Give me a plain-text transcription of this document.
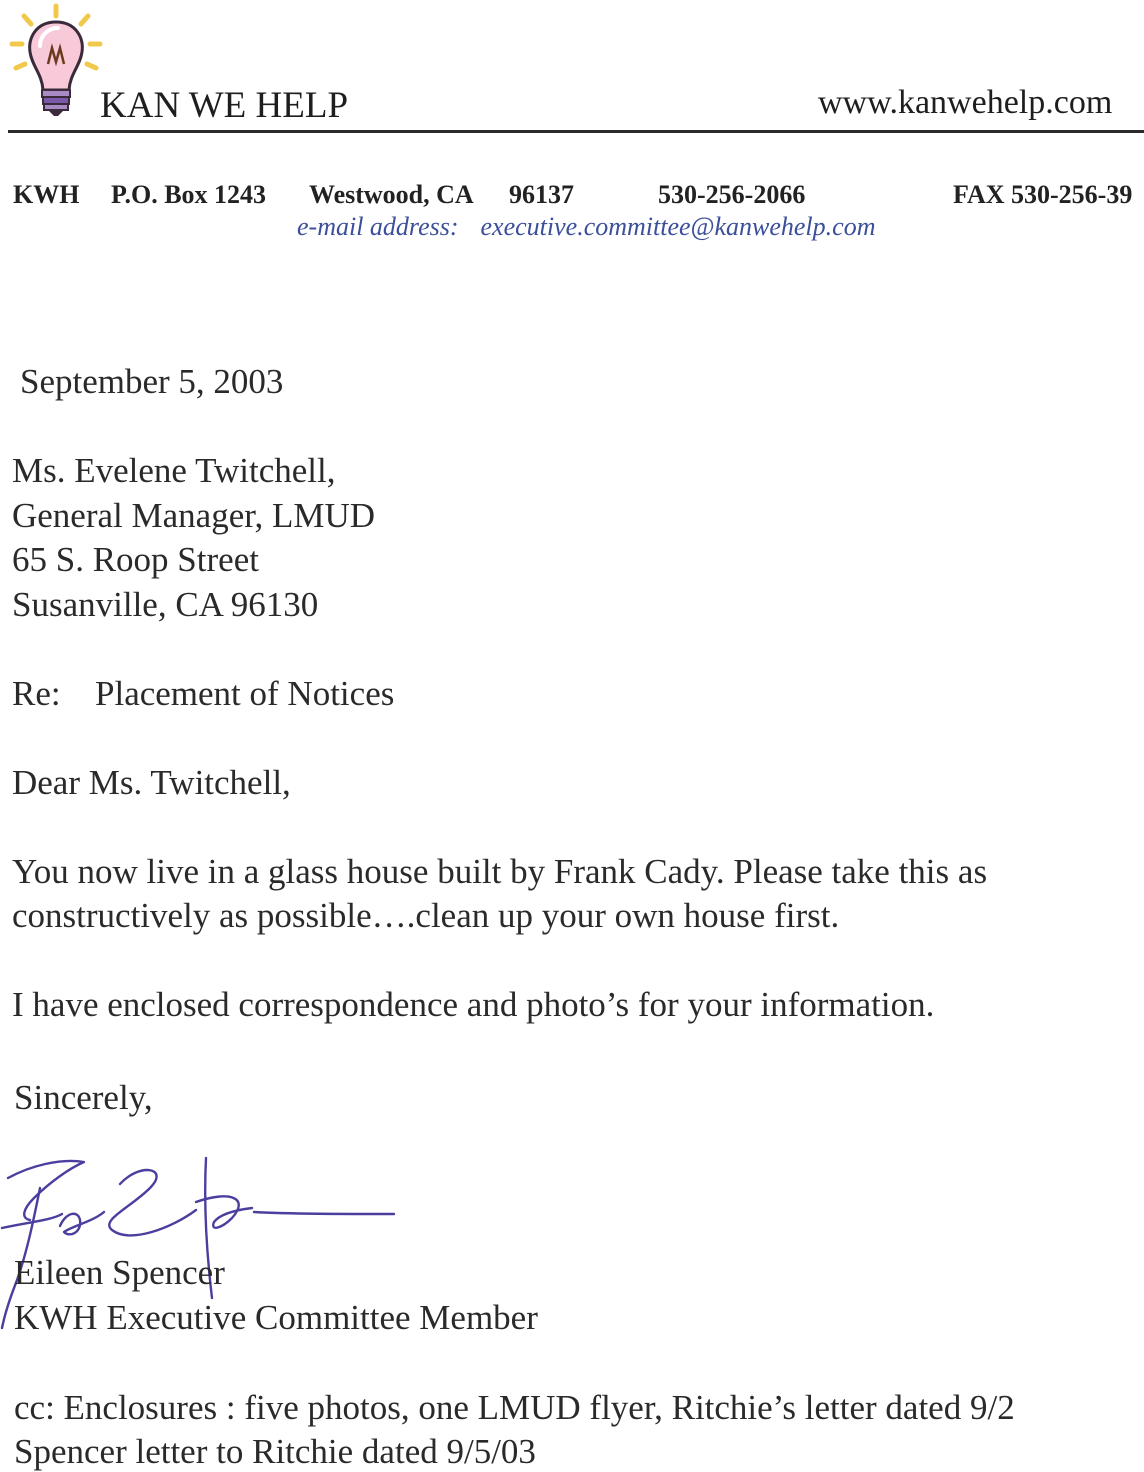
KAN WE HELP	www.kanwehelp.com
KWH P.O. Box 1243 Westwood, CA 96137	530-256-2066	FAX 530-256-39
e-mail address: executive.committee@kanwehelp.com
September 5, 2003
Ms. Evelene Twitchell,
General Manager, LMUD
65 S. Roop Street
Susanville, CA 96130
Re: Placement of Notices
Dear Ms. Twitchell,
You now live in a glass house built by Frank Cady. Please take this as
constructively as possible….clean up your own house first.
I have enclosed correspondence and photo’s for your information.
Sincerely,
Eileen Spencer
KWH Executive Committee Member
cc: Enclosures : five photos, one LMUD flyer, Ritchie’s letter dated 9/2
Spencer letter to Ritchie dated 9/5/03
